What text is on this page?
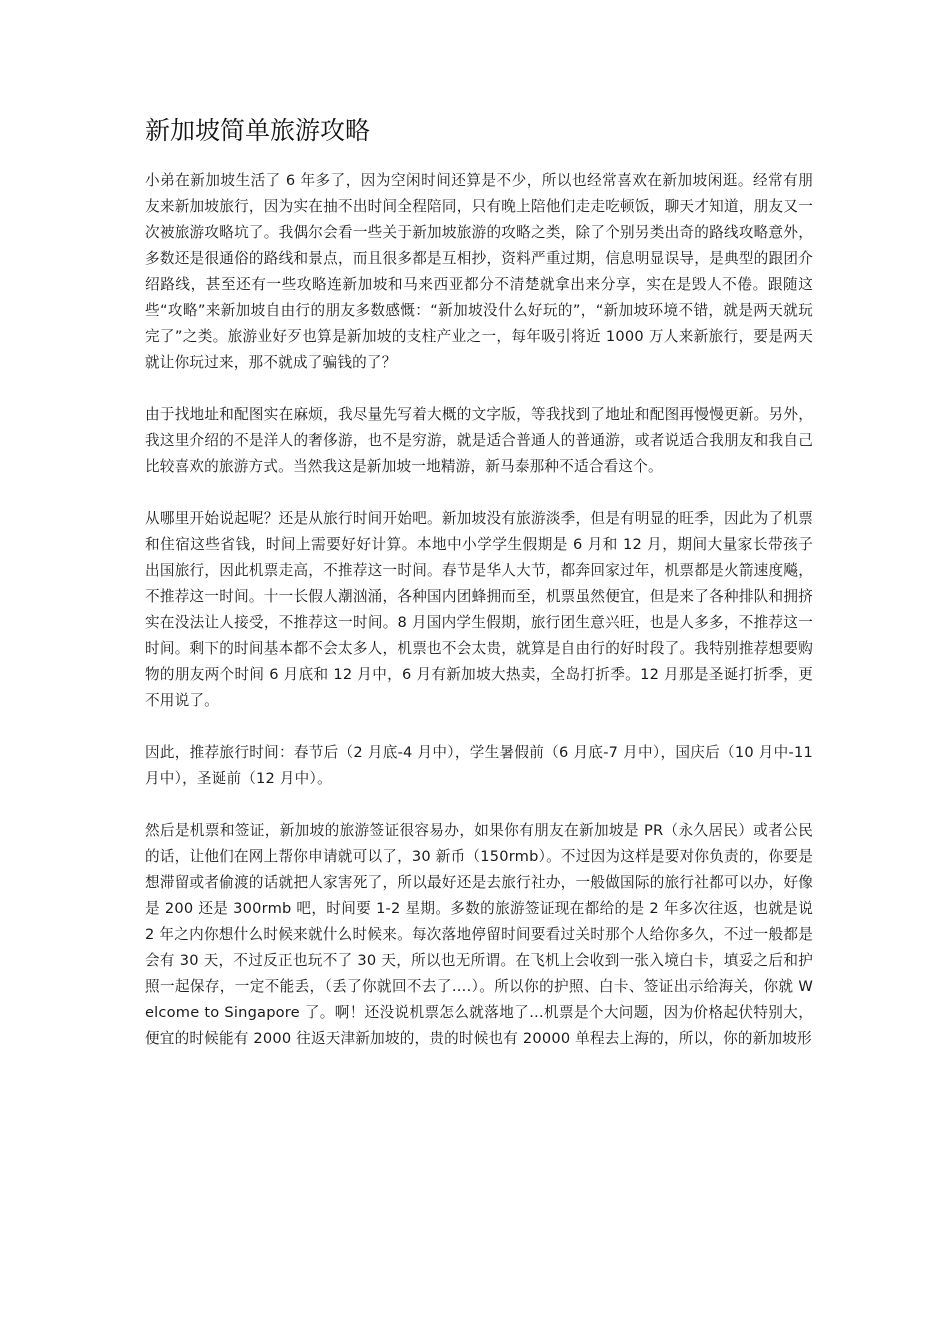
新加坡简单旅游攻略

小弟在新加坡生活了 6 年多了，因为空闲时间还算是不少，所以也经常喜欢在新加坡闲逛。经常有朋友来新加坡旅行，因为实在抽不出时间全程陪同，只有晚上陪他们走走吃顿饭，聊天才知道，朋友又一次被旅游攻略坑了。我偶尔会看一些关于新加坡旅游的攻略之类，除了个别另类出奇的路线攻略意外，多数还是很通俗的路线和景点，而且很多都是互相抄，资料严重过期，信息明显误导，是典型的跟团介绍路线，甚至还有一些攻略连新加坡和马来西亚都分不清楚就拿出来分享，实在是毁人不倦。跟随这些“攻略”来新加坡自由行的朋友多数感慨：“新加坡没什么好玩的”，“新加坡环境不错，就是两天就玩完了”之类。旅游业好歹也算是新加坡的支柱产业之一，每年吸引将近 1000 万人来新旅行，要是两天就让你玩过来，那不就成了骗钱的了？

由于找地址和配图实在麻烦，我尽量先写着大概的文字版，等我找到了地址和配图再慢慢更新。另外，我这里介绍的不是洋人的奢侈游，也不是穷游，就是适合普通人的普通游，或者说适合我朋友和我自己比较喜欢的旅游方式。当然我这是新加坡一地精游，新马泰那种不适合看这个。

从哪里开始说起呢？还是从旅行时间开始吧。新加坡没有旅游淡季，但是有明显的旺季，因此为了机票和住宿这些省钱，时间上需要好好计算。本地中小学学生假期是 6 月和 12 月，期间大量家长带孩子出国旅行，因此机票走高，不推荐这一时间。春节是华人大节，都奔回家过年，机票都是火箭速度飚，不推荐这一时间。十一长假人潮汹涌，各种国内团蜂拥而至，机票虽然便宜，但是来了各种排队和拥挤实在没法让人接受，不推荐这一时间。8 月国内学生假期，旅行团生意兴旺，也是人多多，不推荐这一时间。剩下的时间基本都不会太多人，机票也不会太贵，就算是自由行的好时段了。我特别推荐想要购物的朋友两个时间 6 月底和 12 月中，6 月有新加坡大热卖，全岛打折季。12 月那是圣诞打折季，更不用说了。

因此，推荐旅行时间：春节后（2 月底-4 月中），学生暑假前（6 月底-7 月中），国庆后（10 月中-11 月中），圣诞前（12 月中）。

然后是机票和签证，新加坡的旅游签证很容易办，如果你有朋友在新加坡是 PR（永久居民）或者公民的话，让他们在网上帮你申请就可以了，30 新币（150rmb）。不过因为这样是要对你负责的，你要是想滞留或者偷渡的话就把人家害死了，所以最好还是去旅行社办，一般做国际的旅行社都可以办，好像是 200 还是 300rmb 吧，时间要 1-2 星期。多数的旅游签证现在都给的是 2 年多次往返，也就是说 2 年之内你想什么时候来就什么时候来。每次落地停留时间要看过关时那个人给你多久，不过一般都是会有 30 天，不过反正也玩不了 30 天，所以也无所谓。在飞机上会收到一张入境白卡，填妥之后和护照一起保存，一定不能丢，（丢了你就回不去了….）。所以你的护照、白卡、签证出示给海关，你就 Welcome to Singapore 了。啊！还没说机票怎么就落地了…机票是个大问题，因为价格起伏特别大，便宜的时候能有 2000 往返天津新加坡的，贵的时候也有 20000 单程去上海的，所以，你的新加坡形
